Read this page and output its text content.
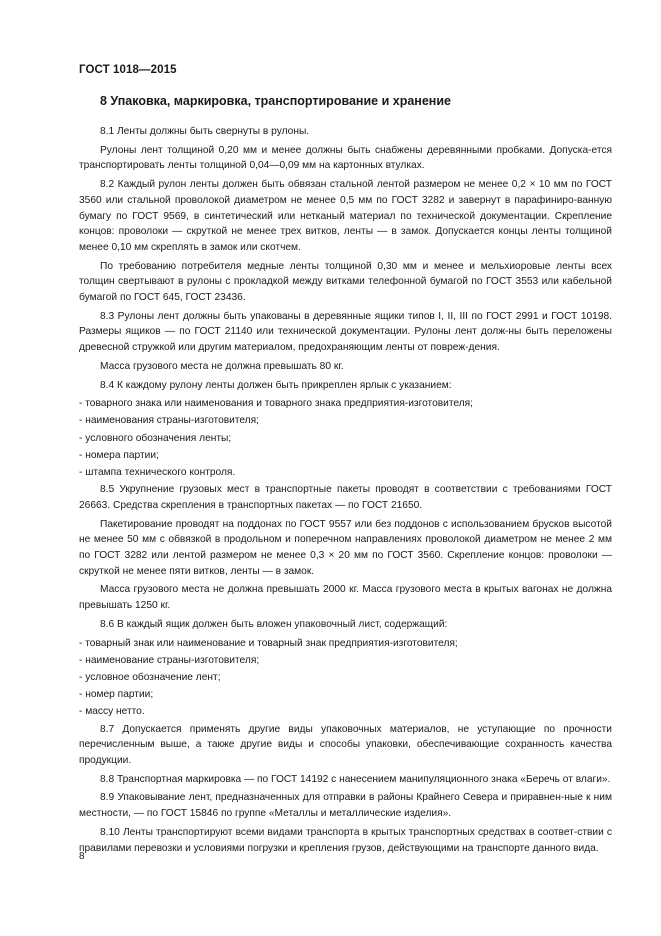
ГОСТ 1018—2015
8 Упаковка, маркировка, транспортирование и хранение

8.1 Ленты должны быть свернуты в рулоны.

Рулоны лент толщиной 0,20 мм и менее должны быть снабжены деревянными пробками. Допуска-ется транспортировать ленты толщиной 0,04—0,09 мм на картонных втулках.

8.2 Каждый рулон ленты должен быть обвязан стальной лентой размером не менее 0,2 × 10 мм по ГОСТ 3560 или стальной проволокой диаметром не менее 0,5 мм по ГОСТ 3282 и завернут в парафиниро-ванную бумагу по ГОСТ 9569, в синтетический или нетканый материал по технической документации. Скрепление концов: проволоки — скруткой не менее трех витков, ленты — в замок. Допускается концы ленты толщиной менее 0,10 мм скреплять в замок или скотчем.

По требованию потребителя медные ленты толщиной 0,30 мм и менее и мельхиоровые ленты всех толщин свертывают в рулоны с прокладкой между витками телефонной бумагой по ГОСТ 3553 или кабельной бумагой по ГОСТ 645, ГОСТ 23436.

8.3 Рулоны лент должны быть упакованы в деревянные ящики типов I, II, III по ГОСТ 2991 и ГОСТ 10198. Размеры ящиков — по ГОСТ 21140 или технической документации. Рулоны лент долж-ны быть переложены древесной стружкой или другим материалом, предохраняющим ленты от повреж-дения.

Масса грузового места не должна превышать 80 кг.

8.4 К каждому рулону ленты должен быть прикреплен ярлык с указанием:

- товарного знака или наименования и товарного знака предприятия-изготовителя;

- наименования страны-изготовителя;

- условного обозначения ленты;

- номера партии;

- штампа технического контроля.

8.5 Укрупнение грузовых мест в транспортные пакеты проводят в соответствии с требованиями ГОСТ 26663. Средства скрепления в транспортных пакетах — по ГОСТ 21650.

Пакетирование проводят на поддонах по ГОСТ 9557 или без поддонов с использованием брусков высотой не менее 50 мм с обвязкой в продольном и поперечном направлениях проволокой диаметром не менее 2 мм по ГОСТ 3282 или лентой размером не менее 0,3 × 20 мм по ГОСТ 3560. Скрепление концов: проволоки — скруткой не менее пяти витков, ленты — в замок.

Масса грузового места не должна превышать 2000 кг. Масса грузового места в крытых вагонах не должна превышать 1250 кг.

8.6 В каждый ящик должен быть вложен упаковочный лист, содержащий:

- товарный знак или наименование и товарный знак предприятия-изготовителя;

- наименование страны-изготовителя;

- условное обозначение лент;

- номер партии;

- массу нетто.

8.7 Допускается применять другие виды упаковочных материалов, не уступающие по прочности перечисленным выше, а также другие виды и способы упаковки, обеспечивающие сохранность качества продукции.

8.8 Транспортная маркировка — по ГОСТ 14192 с нанесением манипуляционного знака «Беречь от влаги».

8.9 Упаковывание лент, предназначенных для отправки в районы Крайнего Севера и приравнен-ные к ним местности, — по ГОСТ 15846 по группе «Металлы и металлические изделия».

8.10 Ленты транспортируют всеми видами транспорта в крытых транспортных средствах в соответ-ствии с правилами перевозки и условиями погрузки и крепления грузов, действующими на транспорте данного вида.

8
